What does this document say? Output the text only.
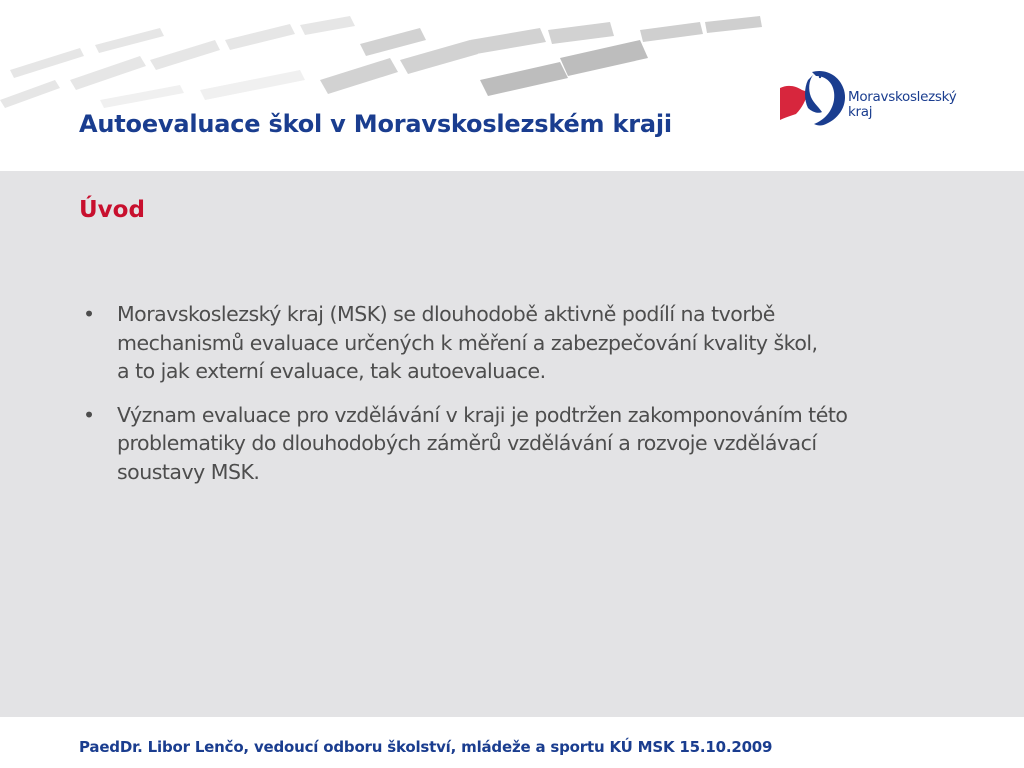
Autoevaluace škol v Moravskoslezském kraji
Moravskoslezský
kraj
Úvod
• Moravskoslezský kraj (MSK) se dlouhodobě aktivně podílí na tvorbě
mechanismů evaluace určených k měření a zabezpečování kvality škol,
a to jak externí evaluace, tak autoevaluace.
• Význam evaluace pro vzdělávání v kraji je podtržen zakomponováním této
problematiky do dlouhodobých záměrů vzdělávání a rozvoje vzdělávací
soustavy MSK.
PaedDr. Libor Lenčo, vedoucí odboru školství, mládeže a sportu KÚ MSK 15.10.2009
